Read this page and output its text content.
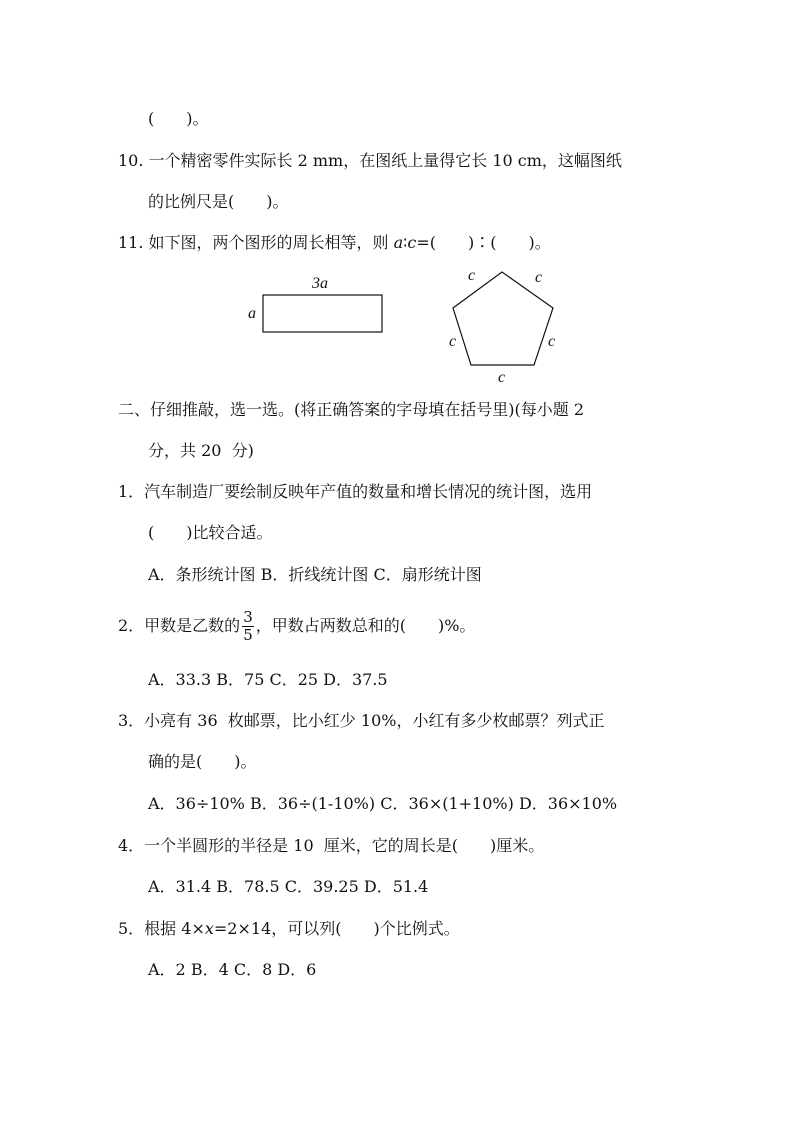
(　　)。
10. 一个精密零件实际长 2 mm，在图纸上量得它长 10 cm，这幅图纸
的比例尺是(　　)。
11. 如下图，两个图形的周长相等，则 a∶c=(　　)∶(　　)。
3a
a
c	c
c	c
c
二、仔细推敲，选一选。(将正确答案的字母填在括号里)(每小题 2
分，共 20  分)
1．汽车制造厂要绘制反映年产值的数量和增长情况的统计图，选用
(　　)比较合适。
A．条形统计图 B．折线统计图 C．扇形统计图
2．甲数是乙数的 $\frac{3}{5}$ ，甲数占两数总和的(　　)%。
A．33.3 B．75 C．25 D．37.5
3．小亮有 36  枚邮票，比小红少 10%，小红有多少枚邮票？列式正
确的是(　　)。
A．36÷10% B．36÷(1-10%) C．36×(1+10%) D．36×10%
4．一个半圆形的半径是 10  厘米，它的周长是(　　)厘米。
A．31.4 B．78.5 C．39.25 D．51.4
5．根据 4×x=2×14，可以列(　　)个比例式。
A．2 B．4 C．8 D．6
